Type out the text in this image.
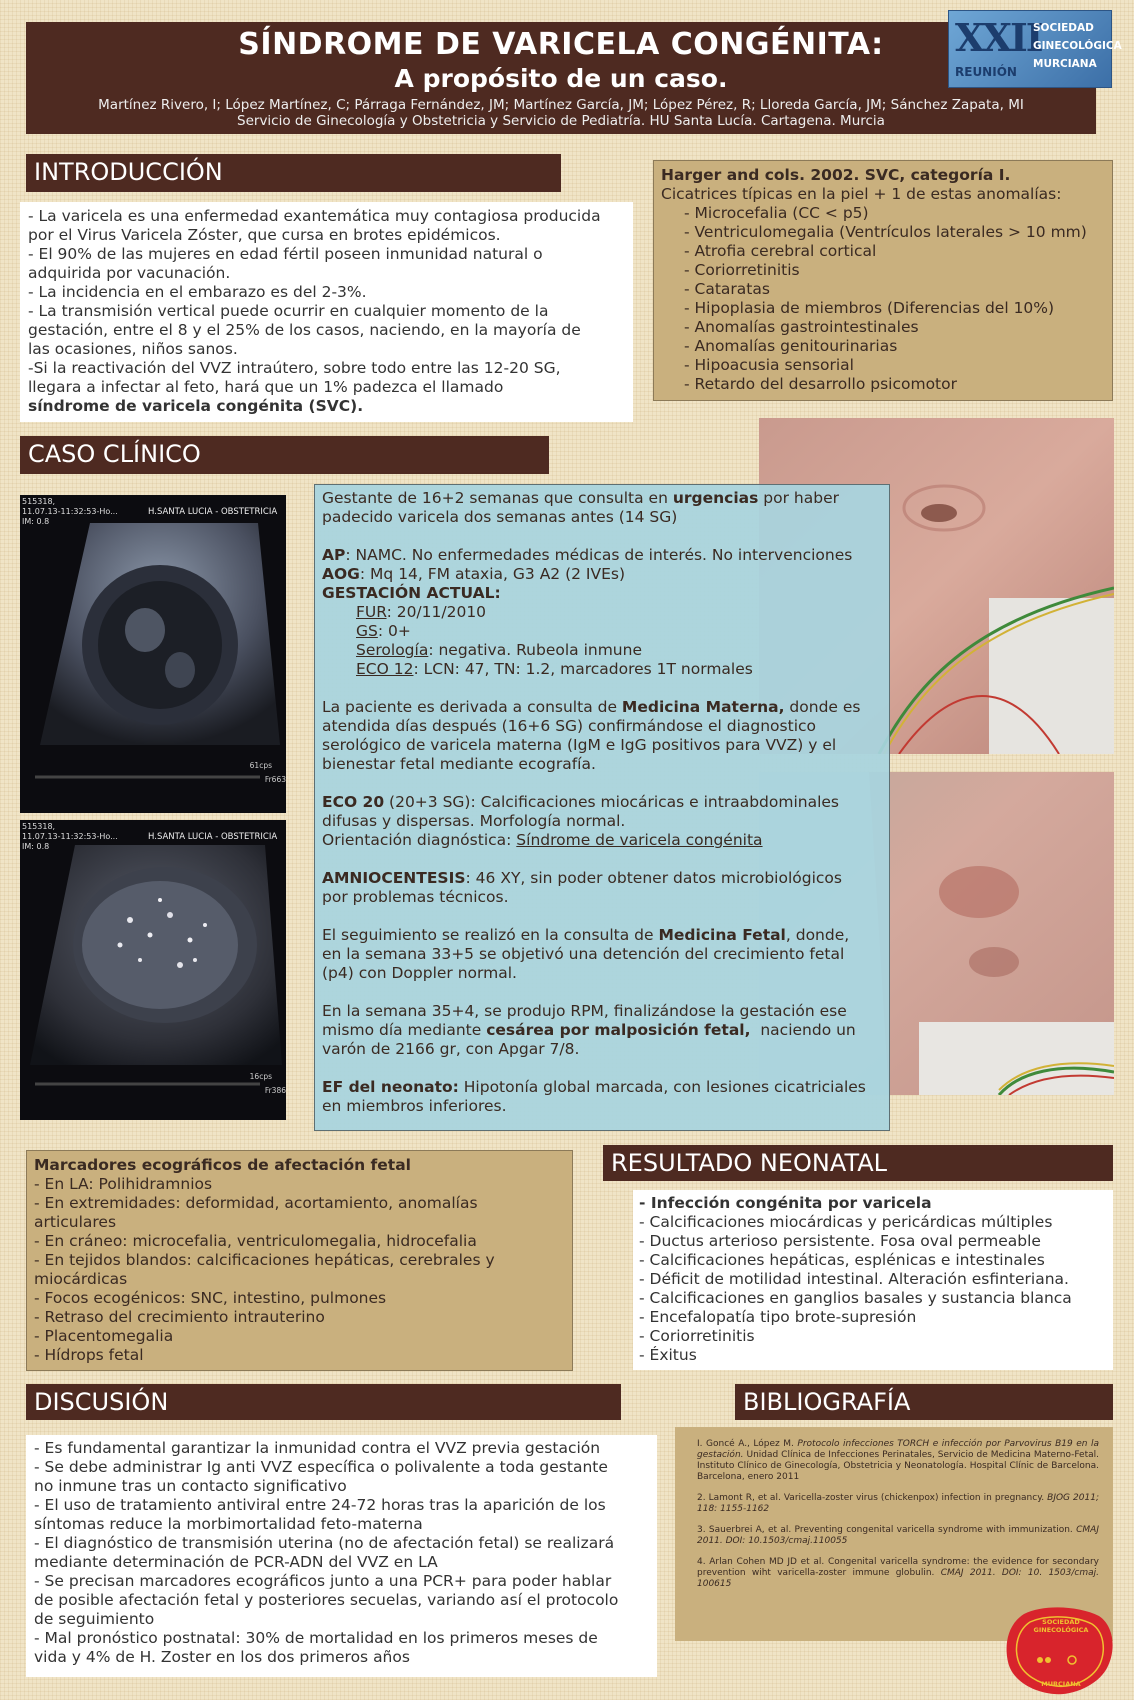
SÍNDROME DE VARICELA CONGÉNITA:
A propósito de un caso.
Martínez Rivero, I; López Martínez, C; Párraga Fernández, JM; Martínez García, JM; López Pérez, R; Lloreda García, JM; Sánchez Zapata, MI
Servicio de Ginecología y Obstetricia y Servicio de Pediatría. HU Santa Lucía. Cartagena. Murcia
XXII
REUNIÓN
SOCIEDAD
GINECOLÓGICA
MURCIANA
INTRODUCCIÓN
- La varicela es una enfermedad exantemática muy contagiosa producida
por el Virus Varicela Zóster, que cursa en brotes epidémicos.
- El 90% de las mujeres en edad fértil poseen inmunidad natural o
adquirida por vacunación.
- La incidencia en el embarazo es del 2-3%.
- La transmisión vertical puede ocurrir en cualquier momento de la
gestación, entre el 8 y el 25% de los casos, naciendo, en la mayoría de
las ocasiones, niños sanos.
-Si la reactivación del VVZ intraútero, sobre todo entre las 12-20 SG,
llegara a infectar al feto, hará que un 1% padezca el llamado
síndrome de varicela congénita (SVC).
Harger and cols. 2002. SVC, categoría I.
Cicatrices típicas en la piel + 1 de estas anomalías:
- Microcefalia (CC < p5)
- Ventriculomegalia (Ventrículos laterales > 10 mm)
- Atrofia cerebral cortical
- Coriorretinitis
- Cataratas
- Hipoplasia de miembros (Diferencias del 10%)
- Anomalías gastrointestinales
- Anomalías genitourinarias
- Hipoacusia sensorial
- Retardo del desarrollo psicomotor
CASO CLÍNICO
515318,
11.07.13-11:32:53-Ho...
IM: 0.8
H.SANTA LUCIA - OBSTETRICIA
61cps
Fr663
515318,
11.07.13-11:32:53-Ho...
IM: 0.8
H.SANTA LUCIA - OBSTETRICIA
16cps
Fr386
Gestante de 16+2 semanas que consulta en urgencias por haber
padecido varicela dos semanas antes (14 SG)

AP: NAMC. No enfermedades médicas de interés. No intervenciones
AOG: Mq 14, FM ataxia, G3 A2 (2 IVEs)
GESTACIÓN ACTUAL:
FUR: 20/11/2010
GS: 0+
Serología: negativa. Rubeola inmune
ECO 12: LCN: 47, TN: 1.2, marcadores 1T normales

La paciente es derivada a consulta de Medicina Materna, donde es
atendida días después (16+6 SG) confirmándose el diagnostico
serológico de varicela materna (IgM e IgG positivos para VVZ) y el
bienestar fetal mediante ecografía.

ECO 20 (20+3 SG): Calcificaciones miocáricas e intraabdominales
difusas y dispersas. Morfología normal.
Orientación diagnóstica: Síndrome de varicela congénita

AMNIOCENTESIS: 46 XY, sin poder obtener datos microbiológicos
por problemas técnicos.

El seguimiento se realizó en la consulta de Medicina Fetal, donde,
en la semana 33+5 se objetivó una detención del crecimiento fetal
(p4) con Doppler normal.

En la semana 35+4, se produjo RPM, finalizándose la gestación ese
mismo día mediante cesárea por malposición fetal,  naciendo un
varón de 2166 gr, con Apgar 7/8.

EF del neonato: Hipotonía global marcada, con lesiones cicatriciales
en miembros inferiores.
Marcadores ecográficos de afectación fetal
- En LA: Polihidramnios
- En extremidades: deformidad, acortamiento, anomalías
articulares
- En cráneo: microcefalia, ventriculomegalia, hidrocefalia
- En tejidos blandos: calcificaciones hepáticas, cerebrales y
miocárdicas
- Focos ecogénicos: SNC, intestino, pulmones
- Retraso del crecimiento intrauterino
- Placentomegalia
- Hídrops fetal
RESULTADO NEONATAL
- Infección congénita por varicela
- Calcificaciones miocárdicas y pericárdicas múltiples
- Ductus arterioso persistente. Fosa oval permeable
- Calcificaciones hepáticas, esplénicas e intestinales
- Déficit de motilidad intestinal. Alteración esfinteriana.
- Calcificaciones en ganglios basales y sustancia blanca
- Encefalopatía tipo brote-supresión
- Coriorretinitis
- Éxitus
DISCUSIÓN
- Es fundamental garantizar la inmunidad contra el VVZ previa gestación
- Se debe administrar Ig anti VVZ específica o polivalente a toda gestante
no inmune tras un contacto significativo
- El uso de tratamiento antiviral entre 24-72 horas tras la aparición de los
síntomas reduce la morbimortalidad feto-materna
- El diagnóstico de transmisión uterina (no de afectación fetal) se realizará
mediante determinación de PCR-ADN del VVZ en LA
- Se precisan marcadores ecográficos junto a una PCR+ para poder hablar
de posible afectación fetal y posteriores secuelas, variando así el protocolo
de seguimiento
- Mal pronóstico postnatal: 30% de mortalidad en los primeros meses de
vida y 4% de H. Zoster en los dos primeros años
BIBLIOGRAFÍA
I. Goncé A., López M. Protocolo infecciones TORCH e infección por Parvovirus B19 en la gestación. Unidad Clínica de Infecciones Perinatales, Servicio de Medicina Materno-Fetal. Instituto Clínico de Ginecología, Obstetricia y Neonatología. Hospital Clínic de Barcelona. Barcelona, enero 2011
2. Lamont R, et al. Varicella-zoster virus (chickenpox) infection in pregnancy. BJOG 2011; 118: 1155-1162
3. Sauerbrei A, et al. Preventing congenital varicella syndrome with immunization. CMAJ 2011. DOI: 10.1503/cmaj.110055
4. Arlan Cohen MD JD et al. Congenital varicella syndrome: the evidence for secondary prevention wiht varicella-zoster immune globulin. CMAJ 2011. DOI: 10. 1503/cmaj. 100615
SOCIEDAD GINECOLÓGICA
MURCIANA
